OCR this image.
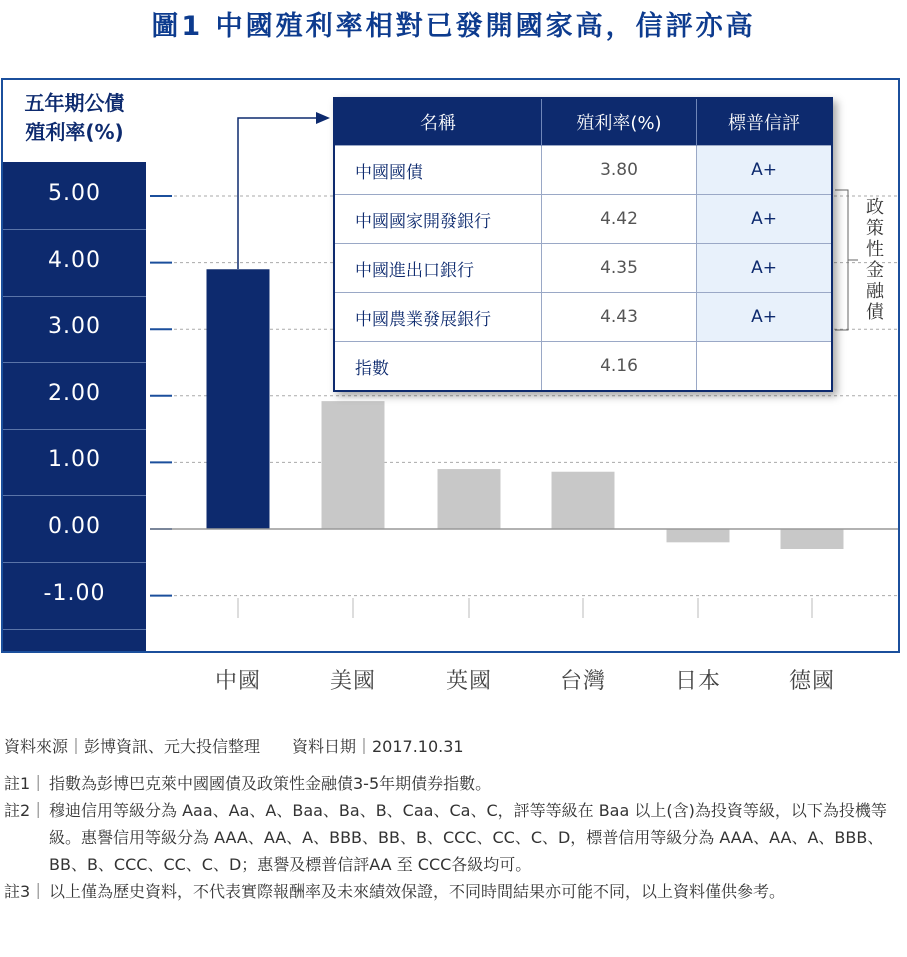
圖1 中國殖利率相對已發開國家高，信評亦高
五年期公債
殖利率(%)
5.00
4.00
3.00
2.00
1.00
0.00
-1.00
中國	美國	英國	台灣	日本	德國
名稱	殖利率(%)	標普信評
中國國債	3.80	A+
中國國家開發銀行	4.42	A+
中國進出口銀行	4.35	A+
中國農業發展銀行	4.43	A+
指數	4.16	
政
策
性
金
融
債
資料來源｜彭博資訊、元大投信整理　　資料日期｜2017.10.31
註1｜ 指數為彭博巴克萊中國國債及政策性金融債3-5年期債券指數。
註2｜ 穆迪信用等級分為 Aaa、Aa、A、Baa、Ba、B、Caa、Ca、C，評等等級在 Baa 以上(含)為投資等級，以下為投機等級。惠譽信用等級分為 AAA、AA、A、BBB、BB、B、CCC、CC、C、D，標普信用等級分為 AAA、AA、A、BBB、BB、B、CCC、CC、C、D；惠譽及標普信評AA 至 CCC各級均可。
註3｜ 以上僅為歷史資料，不代表實際報酬率及未來績效保證，不同時間結果亦可能不同，以上資料僅供參考。
